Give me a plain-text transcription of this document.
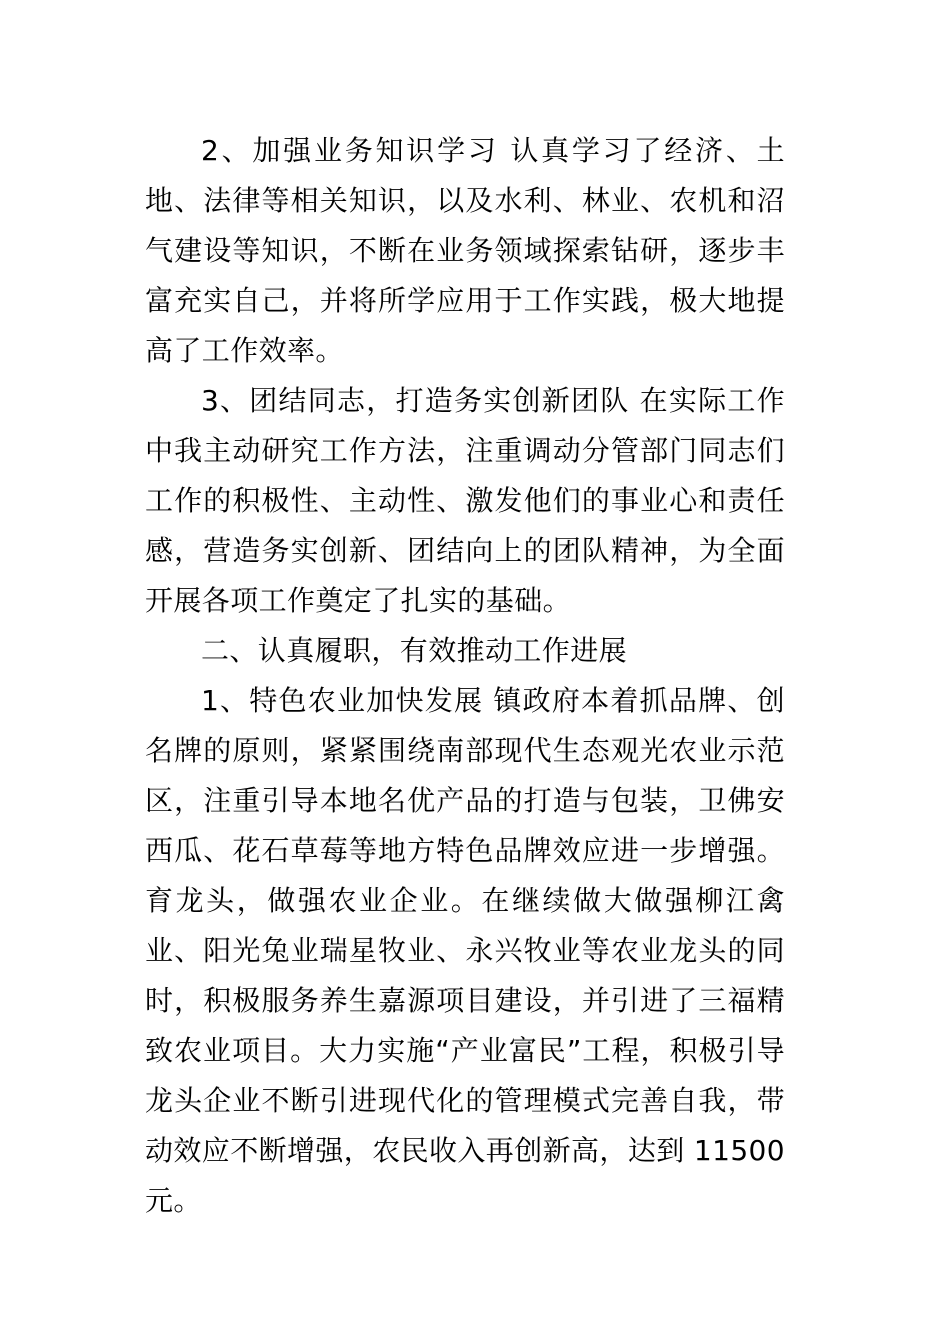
2、加强业务知识学习 认真学习了经济、土地、法律等相关知识，以及水利、林业、农机和沼气建设等知识，不断在业务领域探索钻研，逐步丰富充实自己，并将所学应用于工作实践，极大地提高了工作效率。

3、团结同志，打造务实创新团队 在实际工作中我主动研究工作方法，注重调动分管部门同志们工作的积极性、主动性、激发他们的事业心和责任感，营造务实创新、团结向上的团队精神，为全面开展各项工作奠定了扎实的基础。

二、认真履职，有效推动工作进展

1、特色农业加快发展 镇政府本着抓品牌、创名牌的原则，紧紧围绕南部现代生态观光农业示范区，注重引导本地名优产品的打造与包装，卫佛安西瓜、花石草莓等地方特色品牌效应进一步增强。育龙头，做强农业企业。在继续做大做强柳江禽业、阳光兔业瑞星牧业、永兴牧业等农业龙头的同时，积极服务养生嘉源项目建设，并引进了三福精致农业项目。大力实施“产业富民”工程，积极引导龙头企业不断引进现代化的管理模式完善自我，带动效应不断增强，农民收入再创新高，达到 11500 元。
